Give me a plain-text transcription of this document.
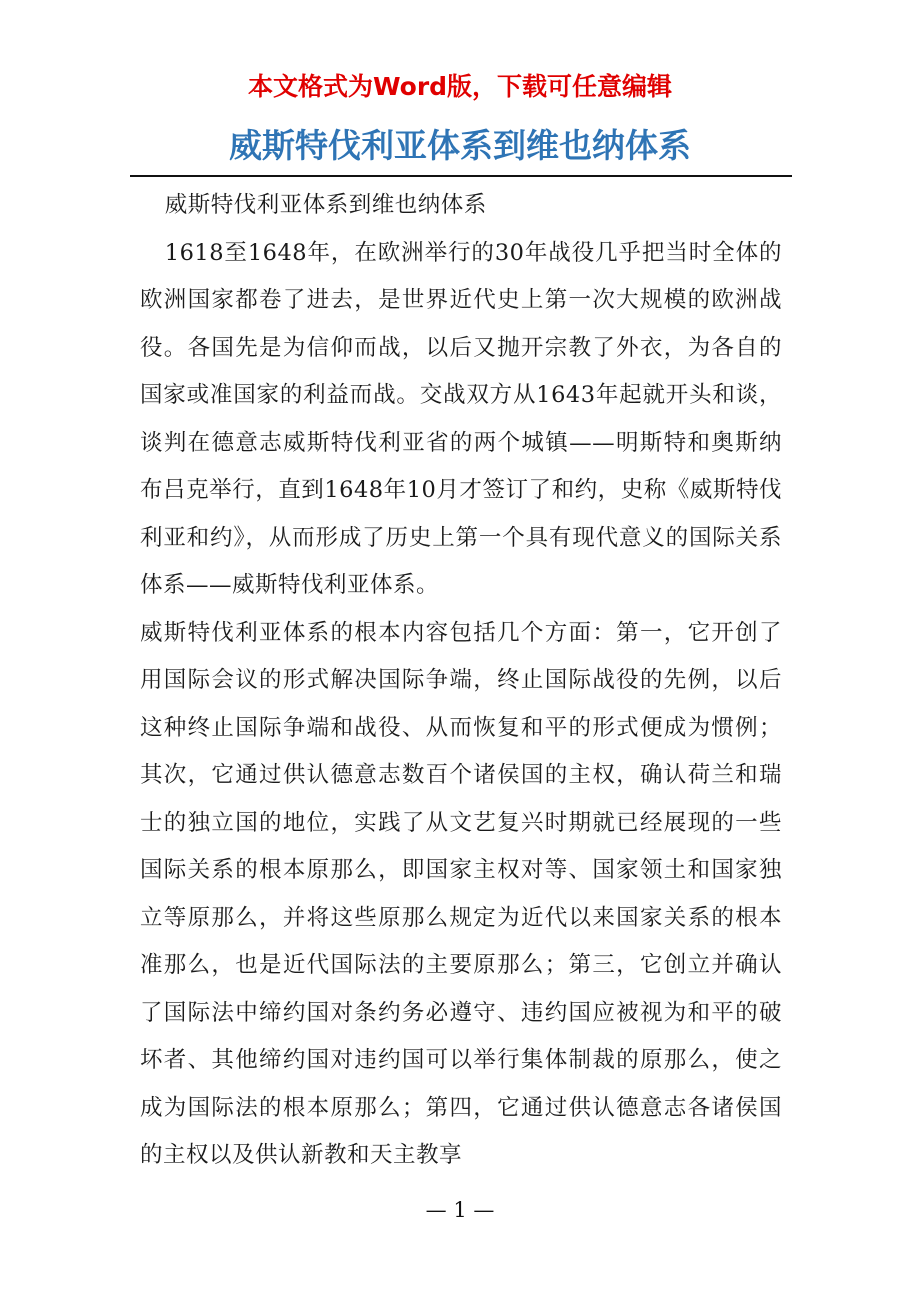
本文格式为Word版，下载可任意编辑
威斯特伐利亚体系到维也纳体系

威斯特伐利亚体系到维也纳体系

1618至1648年，在欧洲举行的30年战役几乎把当时全体的欧洲国家都卷了进去，是世界近代史上第一次大规模的欧洲战役。各国先是为信仰而战，以后又抛开宗教了外衣，为各自的国家或准国家的利益而战。交战双方从1643年起就开头和谈，谈判在德意志威斯特伐利亚省的两个城镇——明斯特和奥斯纳布吕克举行，直到1648年10月才签订了和约，史称《威斯特伐利亚和约》，从而形成了历史上第一个具有现代意义的国际关系体系——威斯特伐利亚体系。

威斯特伐利亚体系的根本内容包括几个方面：第一，它开创了用国际会议的形式解决国际争端，终止国际战役的先例，以后这种终止国际争端和战役、从而恢复和平的形式便成为惯例；其次，它通过供认德意志数百个诸侯国的主权，确认荷兰和瑞士的独立国的地位，实践了从文艺复兴时期就已经展现的一些国际关系的根本原那么，即国家主权对等、国家领土和国家独立等原那么，并将这些原那么规定为近代以来国家关系的根本准那么，也是近代国际法的主要原那么；第三，它创立并确认了国际法中缔约国对条约务必遵守、违约国应被视为和平的破坏者、其他缔约国对违约国可以举行集体制裁的原那么，使之成为国际法的根本原那么；第四，它通过供认德意志各诸侯国的主权以及供认新教和天主教享

— 1 —
